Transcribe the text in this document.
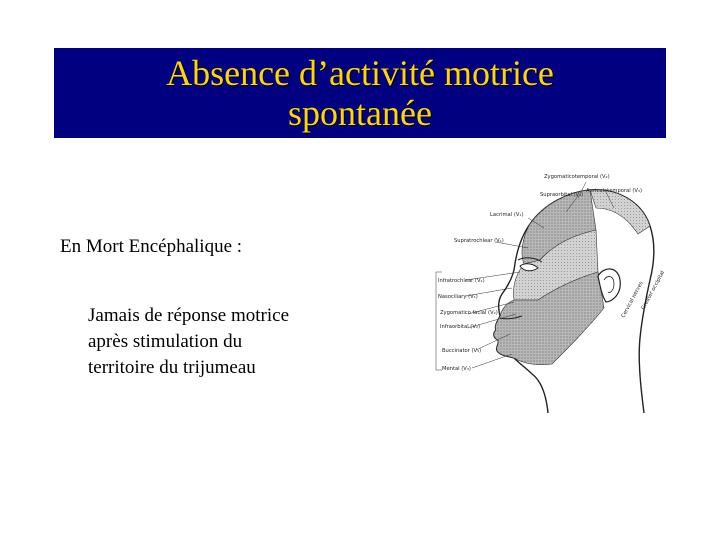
Absence d’activité motrice
spontanée
En Mort Encéphalique :
Jamais de réponse motrice
après stimulation du
territoire du trijumeau
Zygomaticotemporal (V₂)
Auriculotemporal (V₃)
Supraorbital (V₁)
Lacrimal (V₁)
Supratrochlear (V₁)
Infratrochlear (V₁)
Nasociliary (V₁)
Zygomatico facial (V₂)
Infraorbital (V₂)
Buccinator (V₃)
Mental (V₃)
Cervical nerves
Greater occipital
